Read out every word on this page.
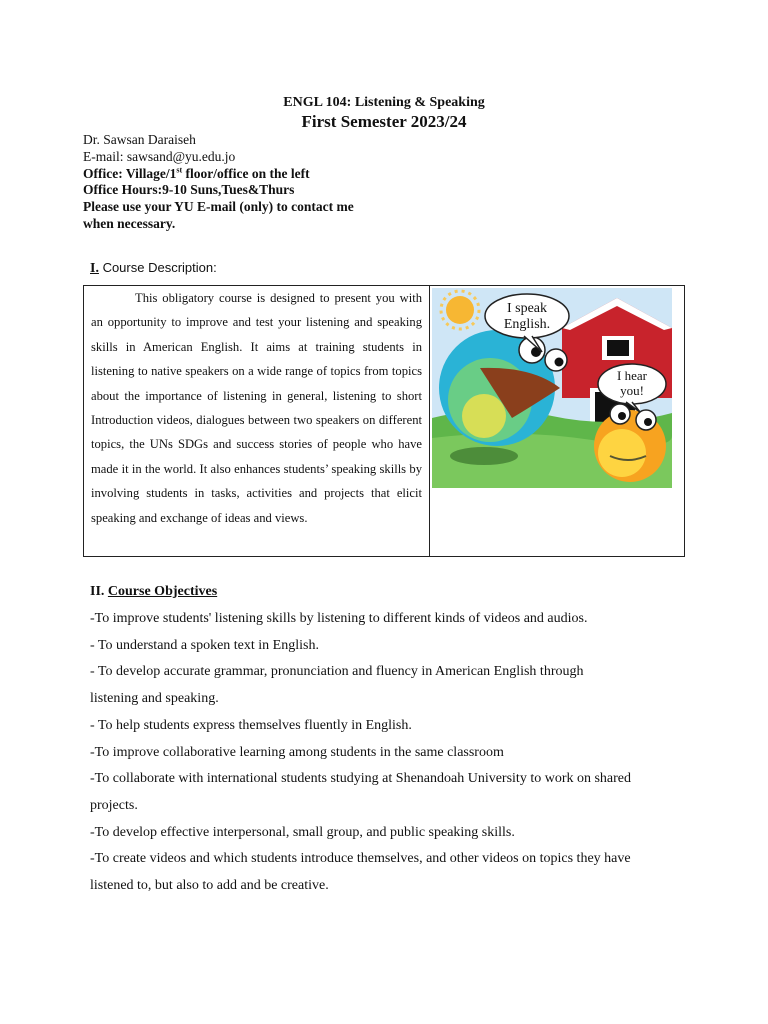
ENGL 104: Listening & Speaking
First Semester 2023/24
Dr. Sawsan Daraiseh
E-mail: sawsand@yu.edu.jo
Office: Village/1st floor/office on the left
Office Hours:9-10 Suns,Tues&Thurs
Please use your YU E-mail (only) to contact me
when necessary.
I. Course Description:

This obligatory course is designed to present you with an opportunity to improve and test your listening and speaking skills in American English. It aims at training students in listening to native speakers on a wide range of topics from topics about the importance of listening in general, listening to short Introduction videos, dialogues between two speakers on different topics, the UNs SDGs and success stories of people who have made it in the world. It also enhances students’ speaking skills by involving students in tasks, activities and projects that elicit speaking and exchange of ideas and views.

I speak
English.
I hear
you!
II. Course Objectives
-To improve students' listening skills by listening to different kinds of videos and audios.
- To understand a spoken text in English.
- To develop accurate grammar, pronunciation and fluency in American English through
listening and speaking.
- To help students express themselves fluently in English.
-To improve collaborative learning among students in the same classroom
-To collaborate with international students studying at Shenandoah University to work on shared
projects.
-To develop effective interpersonal, small group, and public speaking skills.
-To create videos and which students introduce themselves, and other videos on topics they have
listened to, but also to add and be creative.
